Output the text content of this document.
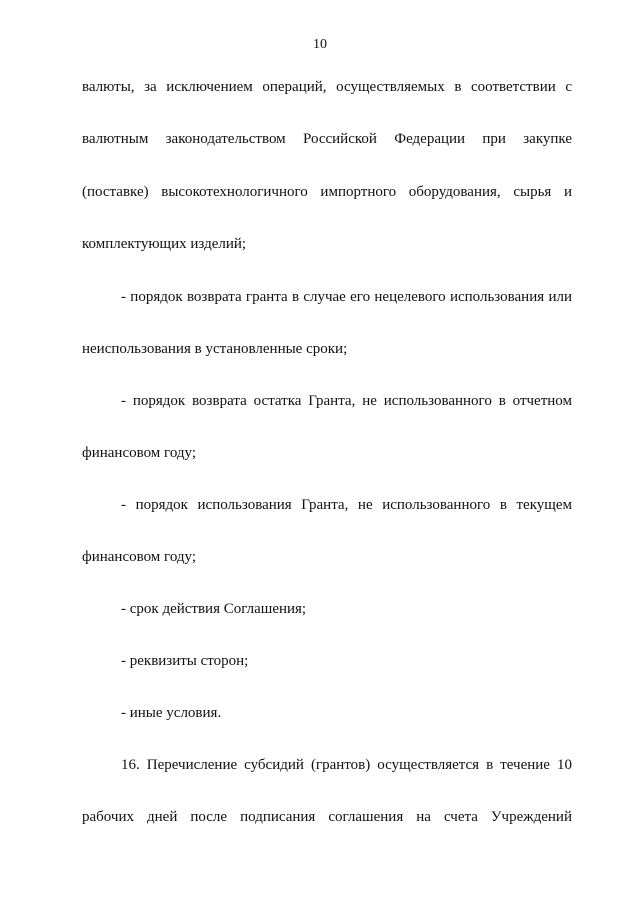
10
валюты, за исключением операций, осуществляемых в соответствии с
валютным законодательством Российской Федерации при закупке
(поставке) высокотехнологичного импортного оборудования, сырья и
комплектующих изделий;
- порядок возврата гранта в случае его нецелевого использования или
неиспользования в установленные сроки;
- порядок возврата остатка Гранта, не использованного в отчетном
финансовом году;
- порядок использования Гранта, не использованного в текущем
финансовом году;
- срок действия Соглашения;
- реквизиты сторон;
- иные условия.
16. Перечисление субсидий (грантов) осуществляется в течение 10
рабочих дней после подписания соглашения на счета Учреждений
